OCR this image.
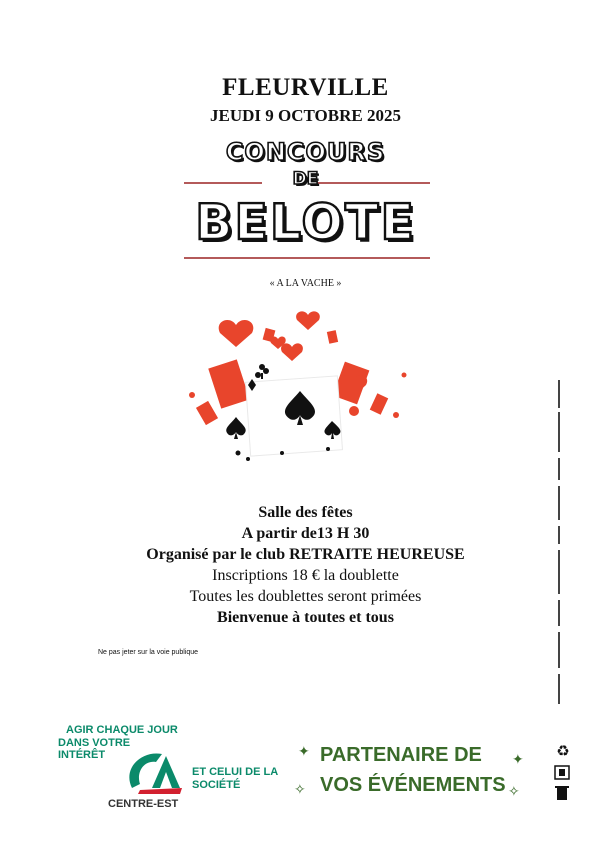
FLEURVILLE
JEUDI 9 OCTOBRE 2025
CONCOURS
DE
BELOTE
« A LA VACHE »
Salle des fêtes
A partir de13 H 30
Organisé par le club RETRAITE HEUREUSE
Inscriptions 18 € la doublette
Toutes les doublettes seront primées
Bienvenue à toutes et tous
Ne pas jeter sur la voie publique
AGIR CHAQUE JOUR
DANS VOTRE
INTÉRÊT
ET CELUI DE LA
SOCIÉTÉ
CENTRE-EST
✦
✧
PARTENAIRE DE
VOS ÉVÉNEMENTS
✦
✧
♻
